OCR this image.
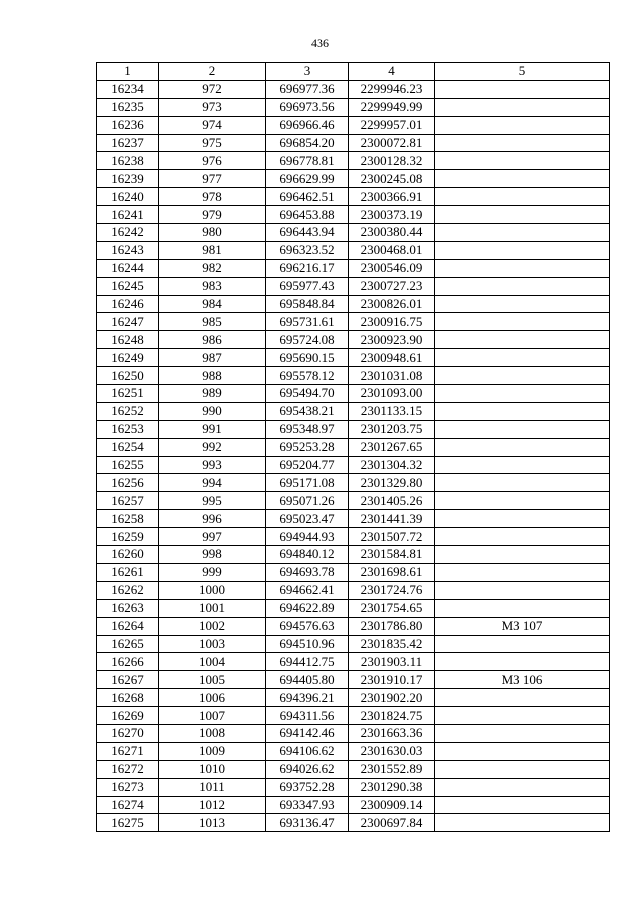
436
1	2	3	4	5
16234	972	696977.36	2299946.23	
16235	973	696973.56	2299949.99	
16236	974	696966.46	2299957.01	
16237	975	696854.20	2300072.81	
16238	976	696778.81	2300128.32	
16239	977	696629.99	2300245.08	
16240	978	696462.51	2300366.91	
16241	979	696453.88	2300373.19	
16242	980	696443.94	2300380.44	
16243	981	696323.52	2300468.01	
16244	982	696216.17	2300546.09	
16245	983	695977.43	2300727.23	
16246	984	695848.84	2300826.01	
16247	985	695731.61	2300916.75	
16248	986	695724.08	2300923.90	
16249	987	695690.15	2300948.61	
16250	988	695578.12	2301031.08	
16251	989	695494.70	2301093.00	
16252	990	695438.21	2301133.15	
16253	991	695348.97	2301203.75	
16254	992	695253.28	2301267.65	
16255	993	695204.77	2301304.32	
16256	994	695171.08	2301329.80	
16257	995	695071.26	2301405.26	
16258	996	695023.47	2301441.39	
16259	997	694944.93	2301507.72	
16260	998	694840.12	2301584.81	
16261	999	694693.78	2301698.61	
16262	1000	694662.41	2301724.76	
16263	1001	694622.89	2301754.65	
16264	1002	694576.63	2301786.80	МЗ 107
16265	1003	694510.96	2301835.42	
16266	1004	694412.75	2301903.11	
16267	1005	694405.80	2301910.17	МЗ 106
16268	1006	694396.21	2301902.20	
16269	1007	694311.56	2301824.75	
16270	1008	694142.46	2301663.36	
16271	1009	694106.62	2301630.03	
16272	1010	694026.62	2301552.89	
16273	1011	693752.28	2301290.38	
16274	1012	693347.93	2300909.14	
16275	1013	693136.47	2300697.84	
